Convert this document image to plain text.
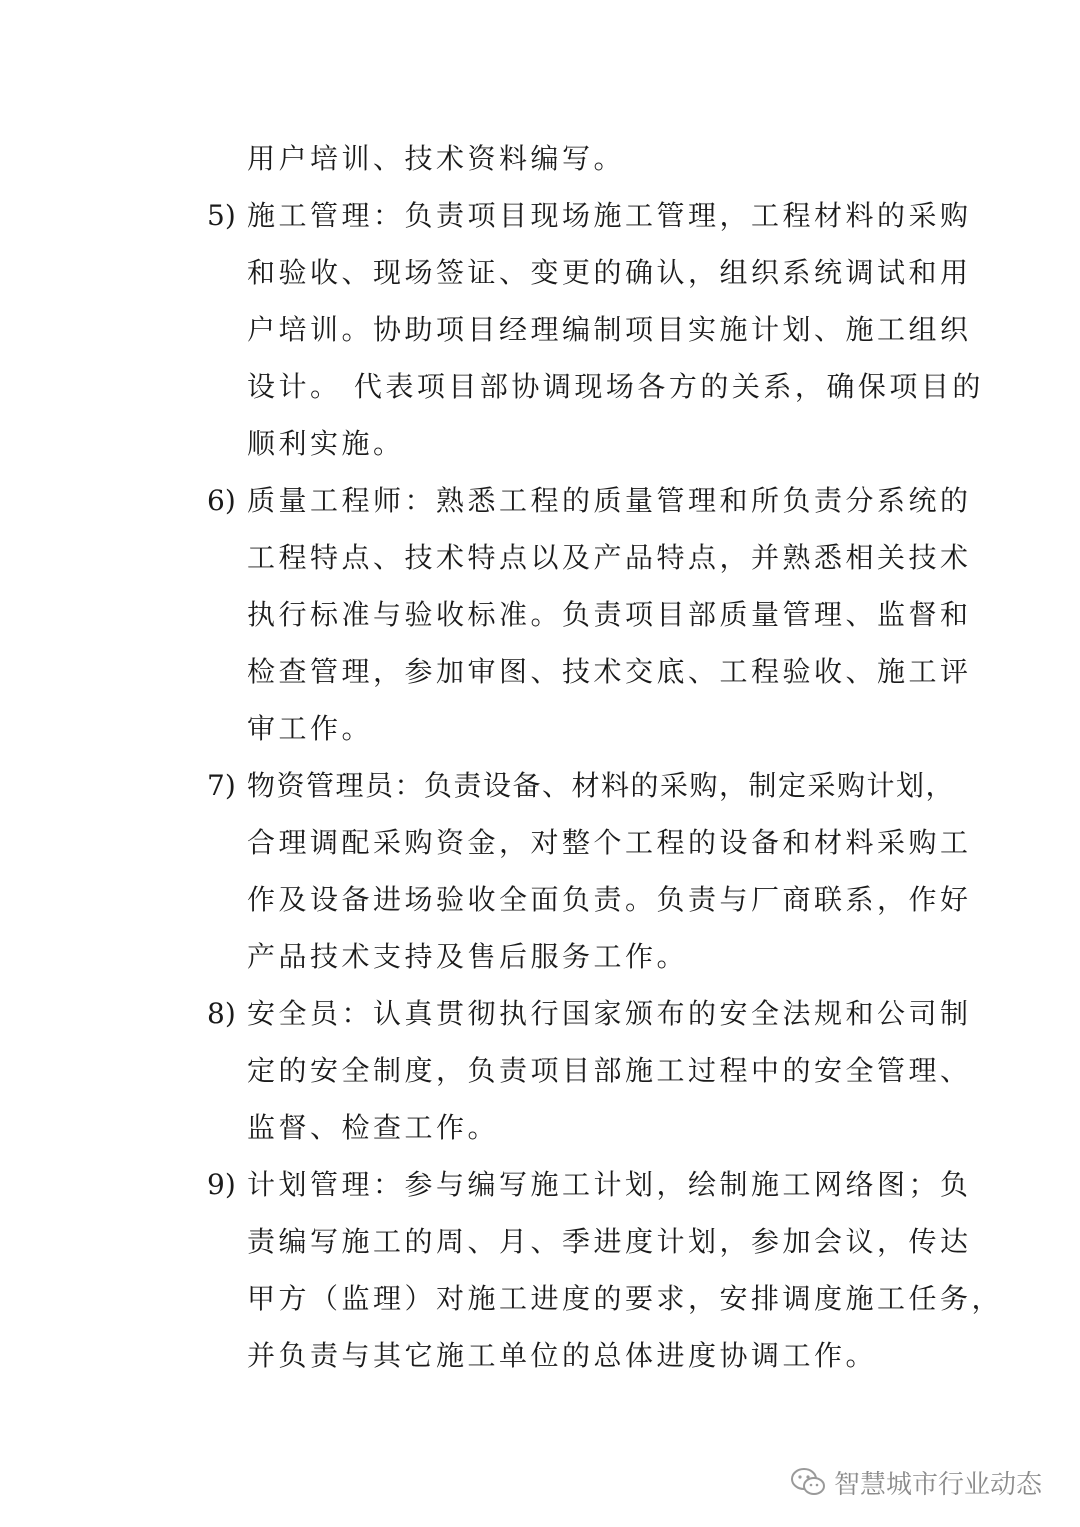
用户培训、技术资料编写。
5) 施工管理：负责项目现场施工管理，工程材料的采购
和验收、现场签证、变更的确认，组织系统调试和用
户培训。协助项目经理编制项目实施计划、施工组织
设计。 代表项目部协调现场各方的关系，确保项目的
顺利实施。
6) 质量工程师：熟悉工程的质量管理和所负责分系统的
工程特点、技术特点以及产品特点，并熟悉相关技术
执行标准与验收标准。负责项目部质量管理、监督和
检查管理，参加审图、技术交底、工程验收、施工评
审工作。
7) 物资管理员：负责设备、材料的采购，制定采购计划，
合理调配采购资金，对整个工程的设备和材料采购工
作及设备进场验收全面负责。负责与厂商联系，作好
产品技术支持及售后服务工作。
8) 安全员：认真贯彻执行国家颁布的安全法规和公司制
定的安全制度，负责项目部施工过程中的安全管理、
监督、检查工作。
9) 计划管理：参与编写施工计划，绘制施工网络图；负
责编写施工的周、月、季进度计划，参加会议，传达
甲方（监理）对施工进度的要求，安排调度施工任务，
并负责与其它施工单位的总体进度协调工作。
智慧城市行业动态
